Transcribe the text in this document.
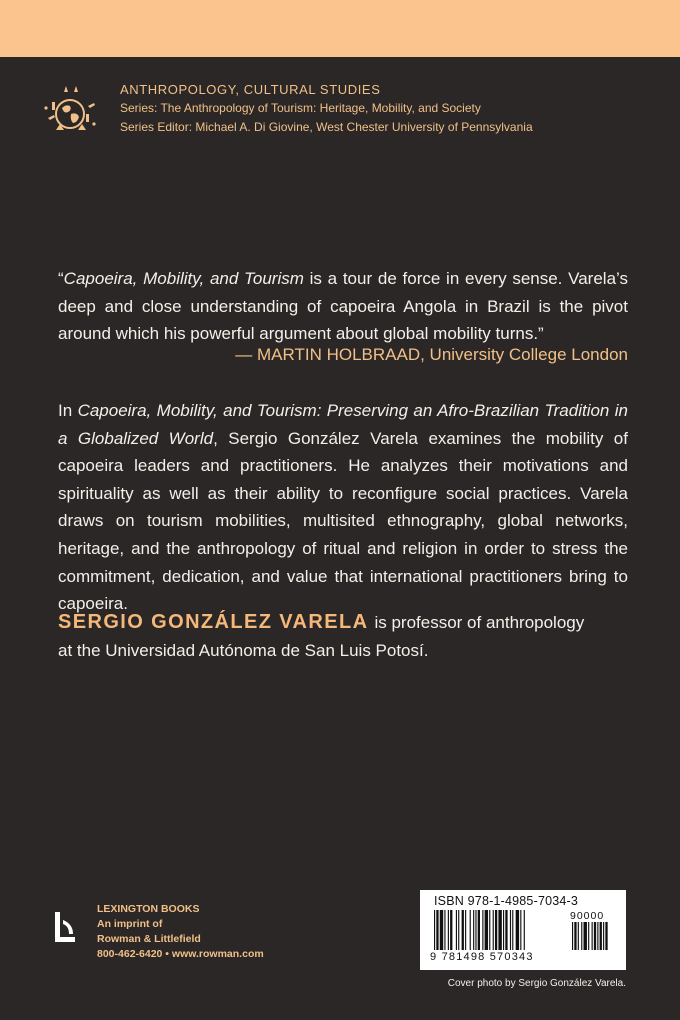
ANTHROPOLOGY, CULTURAL STUDIES
Series: The Anthropology of Tourism: Heritage, Mobility, and Society
Series Editor: Michael A. Di Giovine, West Chester University of Pennsylvania
“Capoeira, Mobility, and Tourism is a tour de force in every sense. Varela’s deep and close understanding of capoeira Angola in Brazil is the pivot around which his powerful argument about global mobility turns.”
— MARTIN HOLBRAAD, University College London
In Capoeira, Mobility, and Tourism: Preserving an Afro-Brazilian Tradition in a Globalized World, Sergio González Varela examines the mobility of capoeira leaders and practitioners. He analyzes their motivations and spirituality as well as their ability to reconfigure social practices. Varela draws on tourism mobilities, multisited ethnography, global networks, heritage, and the anthropology of ritual and religion in order to stress the commitment, dedication, and value that international practitioners bring to capoeira.
SERGIO GONZÁLEZ VARELA is professor of anthropology
at the Universidad Autónoma de San Luis Potosí.
LEXINGTON BOOKS
An imprint of
Rowman & Littlefield
800-462-6420 • www.rowman.com
ISBN 978-1-4985-7034-3
90000
9 781498 570343
Cover photo by Sergio González Varela.
